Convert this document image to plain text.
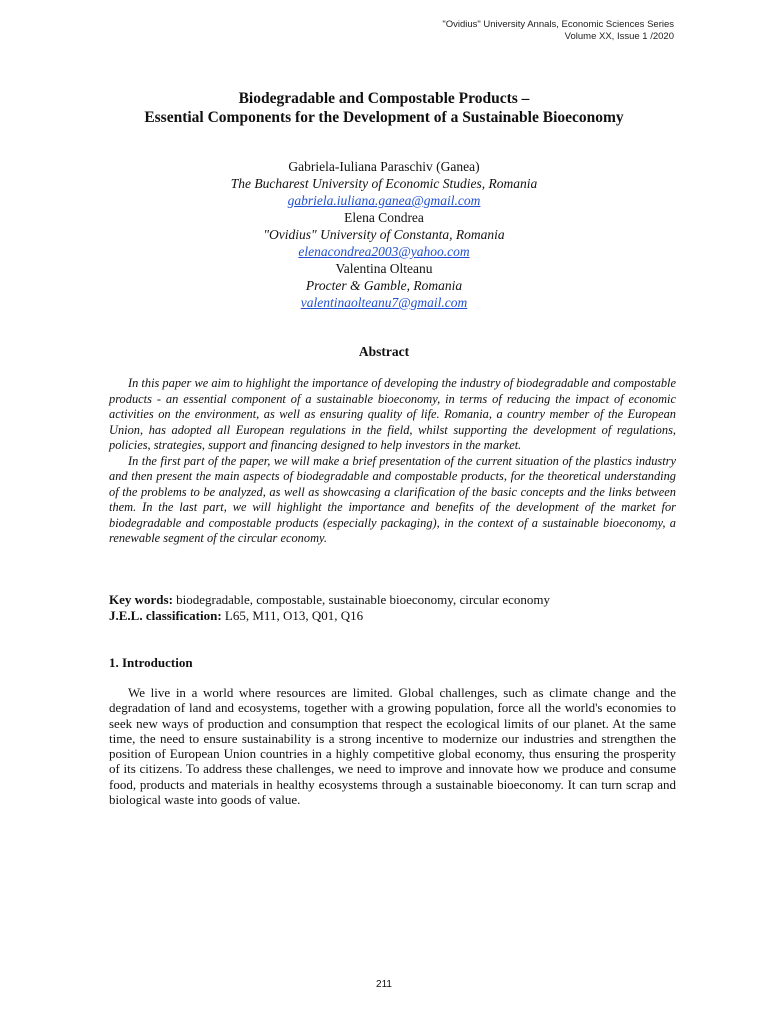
"Ovidius" University Annals, Economic Sciences Series
Volume XX, Issue 1 /2020
Biodegradable and Compostable Products –
Essential Components for the Development of a Sustainable Bioeconomy
Gabriela-Iuliana Paraschiv (Ganea)
The Bucharest University of Economic Studies, Romania
gabriela.iuliana.ganea@gmail.com
Elena Condrea
"Ovidius" University of Constanta, Romania
elenacondrea2003@yahoo.com
Valentina Olteanu
Procter & Gamble, Romania
valentinaolteanu7@gmail.com
Abstract

In this paper we aim to highlight the importance of developing the industry of biodegradable and compostable products - an essential component of a sustainable bioeconomy, in terms of reducing the impact of economic activities on the environment, as well as ensuring quality of life. Romania, a country member of the European Union, has adopted all European regulations in the field, whilst supporting the development of regulations, policies, strategies, support and financing designed to help investors in the market.

In the first part of the paper, we will make a brief presentation of the current situation of the plastics industry and then present the main aspects of biodegradable and compostable products, for the theoretical understanding of the problems to be analyzed, as well as showcasing a clarification of the basic concepts and the links between them. In the last part, we will highlight the importance and benefits of the development of the market for biodegradable and compostable products (especially packaging), in the context of a sustainable bioeconomy, a renewable segment of the circular economy.

Key words: biodegradable, compostable, sustainable bioeconomy, circular economy
J.E.L. classification: L65, M11, O13, Q01, Q16
1. Introduction

We live in a world where resources are limited. Global challenges, such as climate change and the degradation of land and ecosystems, together with a growing population, force all the world's economies to seek new ways of production and consumption that respect the ecological limits of our planet. At the same time, the need to ensure sustainability is a strong incentive to modernize our industries and strengthen the position of European Union countries in a highly competitive global economy, thus ensuring the prosperity of its citizens. To address these challenges, we need to improve and innovate how we produce and consume food, products and materials in healthy ecosystems through a sustainable bioeconomy. It can turn scrap and biological waste into goods of value.

211
